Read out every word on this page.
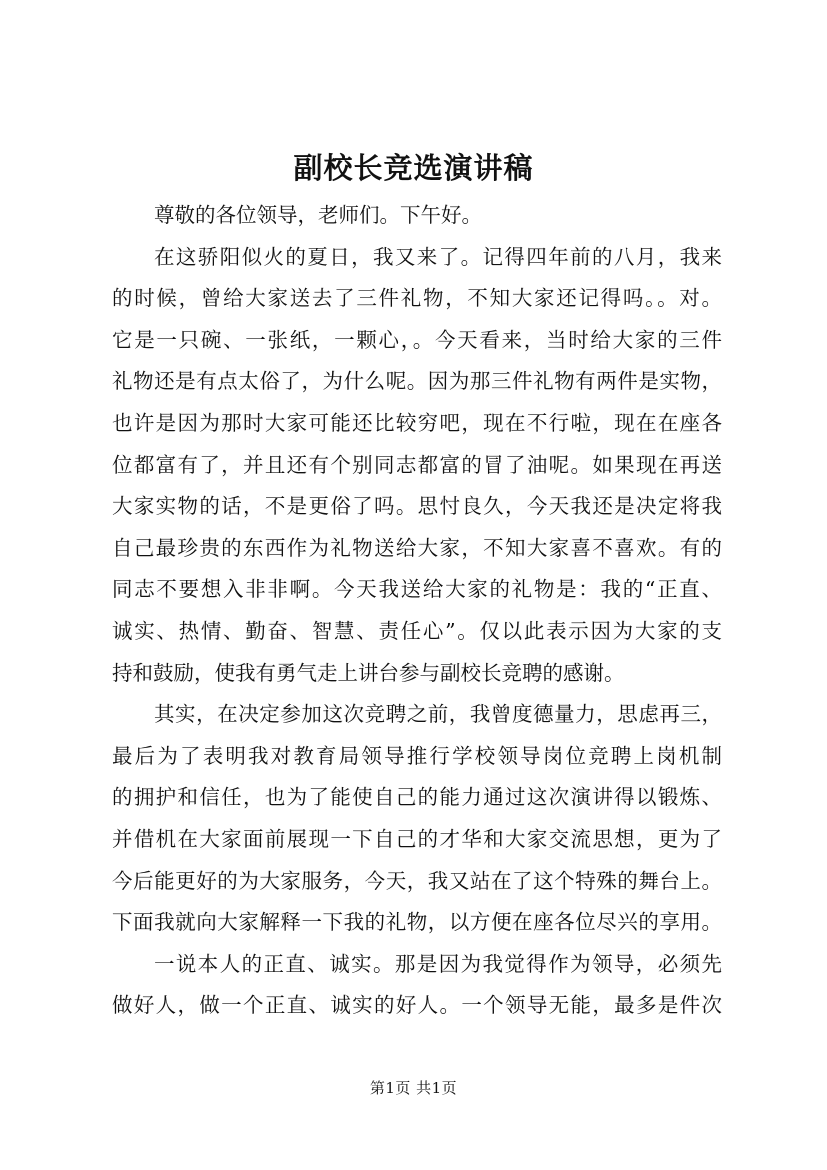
副校长竞选演讲稿
尊敬的各位领导，老师们。下午好。
在这骄阳似火的夏日，我又来了。记得四年前的八月，我来
的时候，曾给大家送去了三件礼物，不知大家还记得吗。。对。
它是一只碗、一张纸，一颗心，。今天看来，当时给大家的三件
礼物还是有点太俗了，为什么呢。因为那三件礼物有两件是实物，
也许是因为那时大家可能还比较穷吧，现在不行啦，现在在座各
位都富有了，并且还有个别同志都富的冒了油呢。如果现在再送
大家实物的话，不是更俗了吗。思忖良久，今天我还是决定将我
自己最珍贵的东西作为礼物送给大家，不知大家喜不喜欢。有的
同志不要想入非非啊。今天我送给大家的礼物是：我的“正直、
诚实、热情、勤奋、智慧、责任心”。仅以此表示因为大家的支
持和鼓励，使我有勇气走上讲台参与副校长竞聘的感谢。
其实，在决定参加这次竞聘之前，我曾度德量力，思虑再三，
最后为了表明我对教育局领导推行学校领导岗位竞聘上岗机制
的拥护和信任，也为了能使自己的能力通过这次演讲得以锻炼、
并借机在大家面前展现一下自己的才华和大家交流思想，更为了
今后能更好的为大家服务，今天，我又站在了这个特殊的舞台上。
下面我就向大家解释一下我的礼物，以方便在座各位尽兴的享用。
一说本人的正直、诚实。那是因为我觉得作为领导，必须先
做好人，做一个正直、诚实的好人。一个领导无能，最多是件次
第1页 共1页
